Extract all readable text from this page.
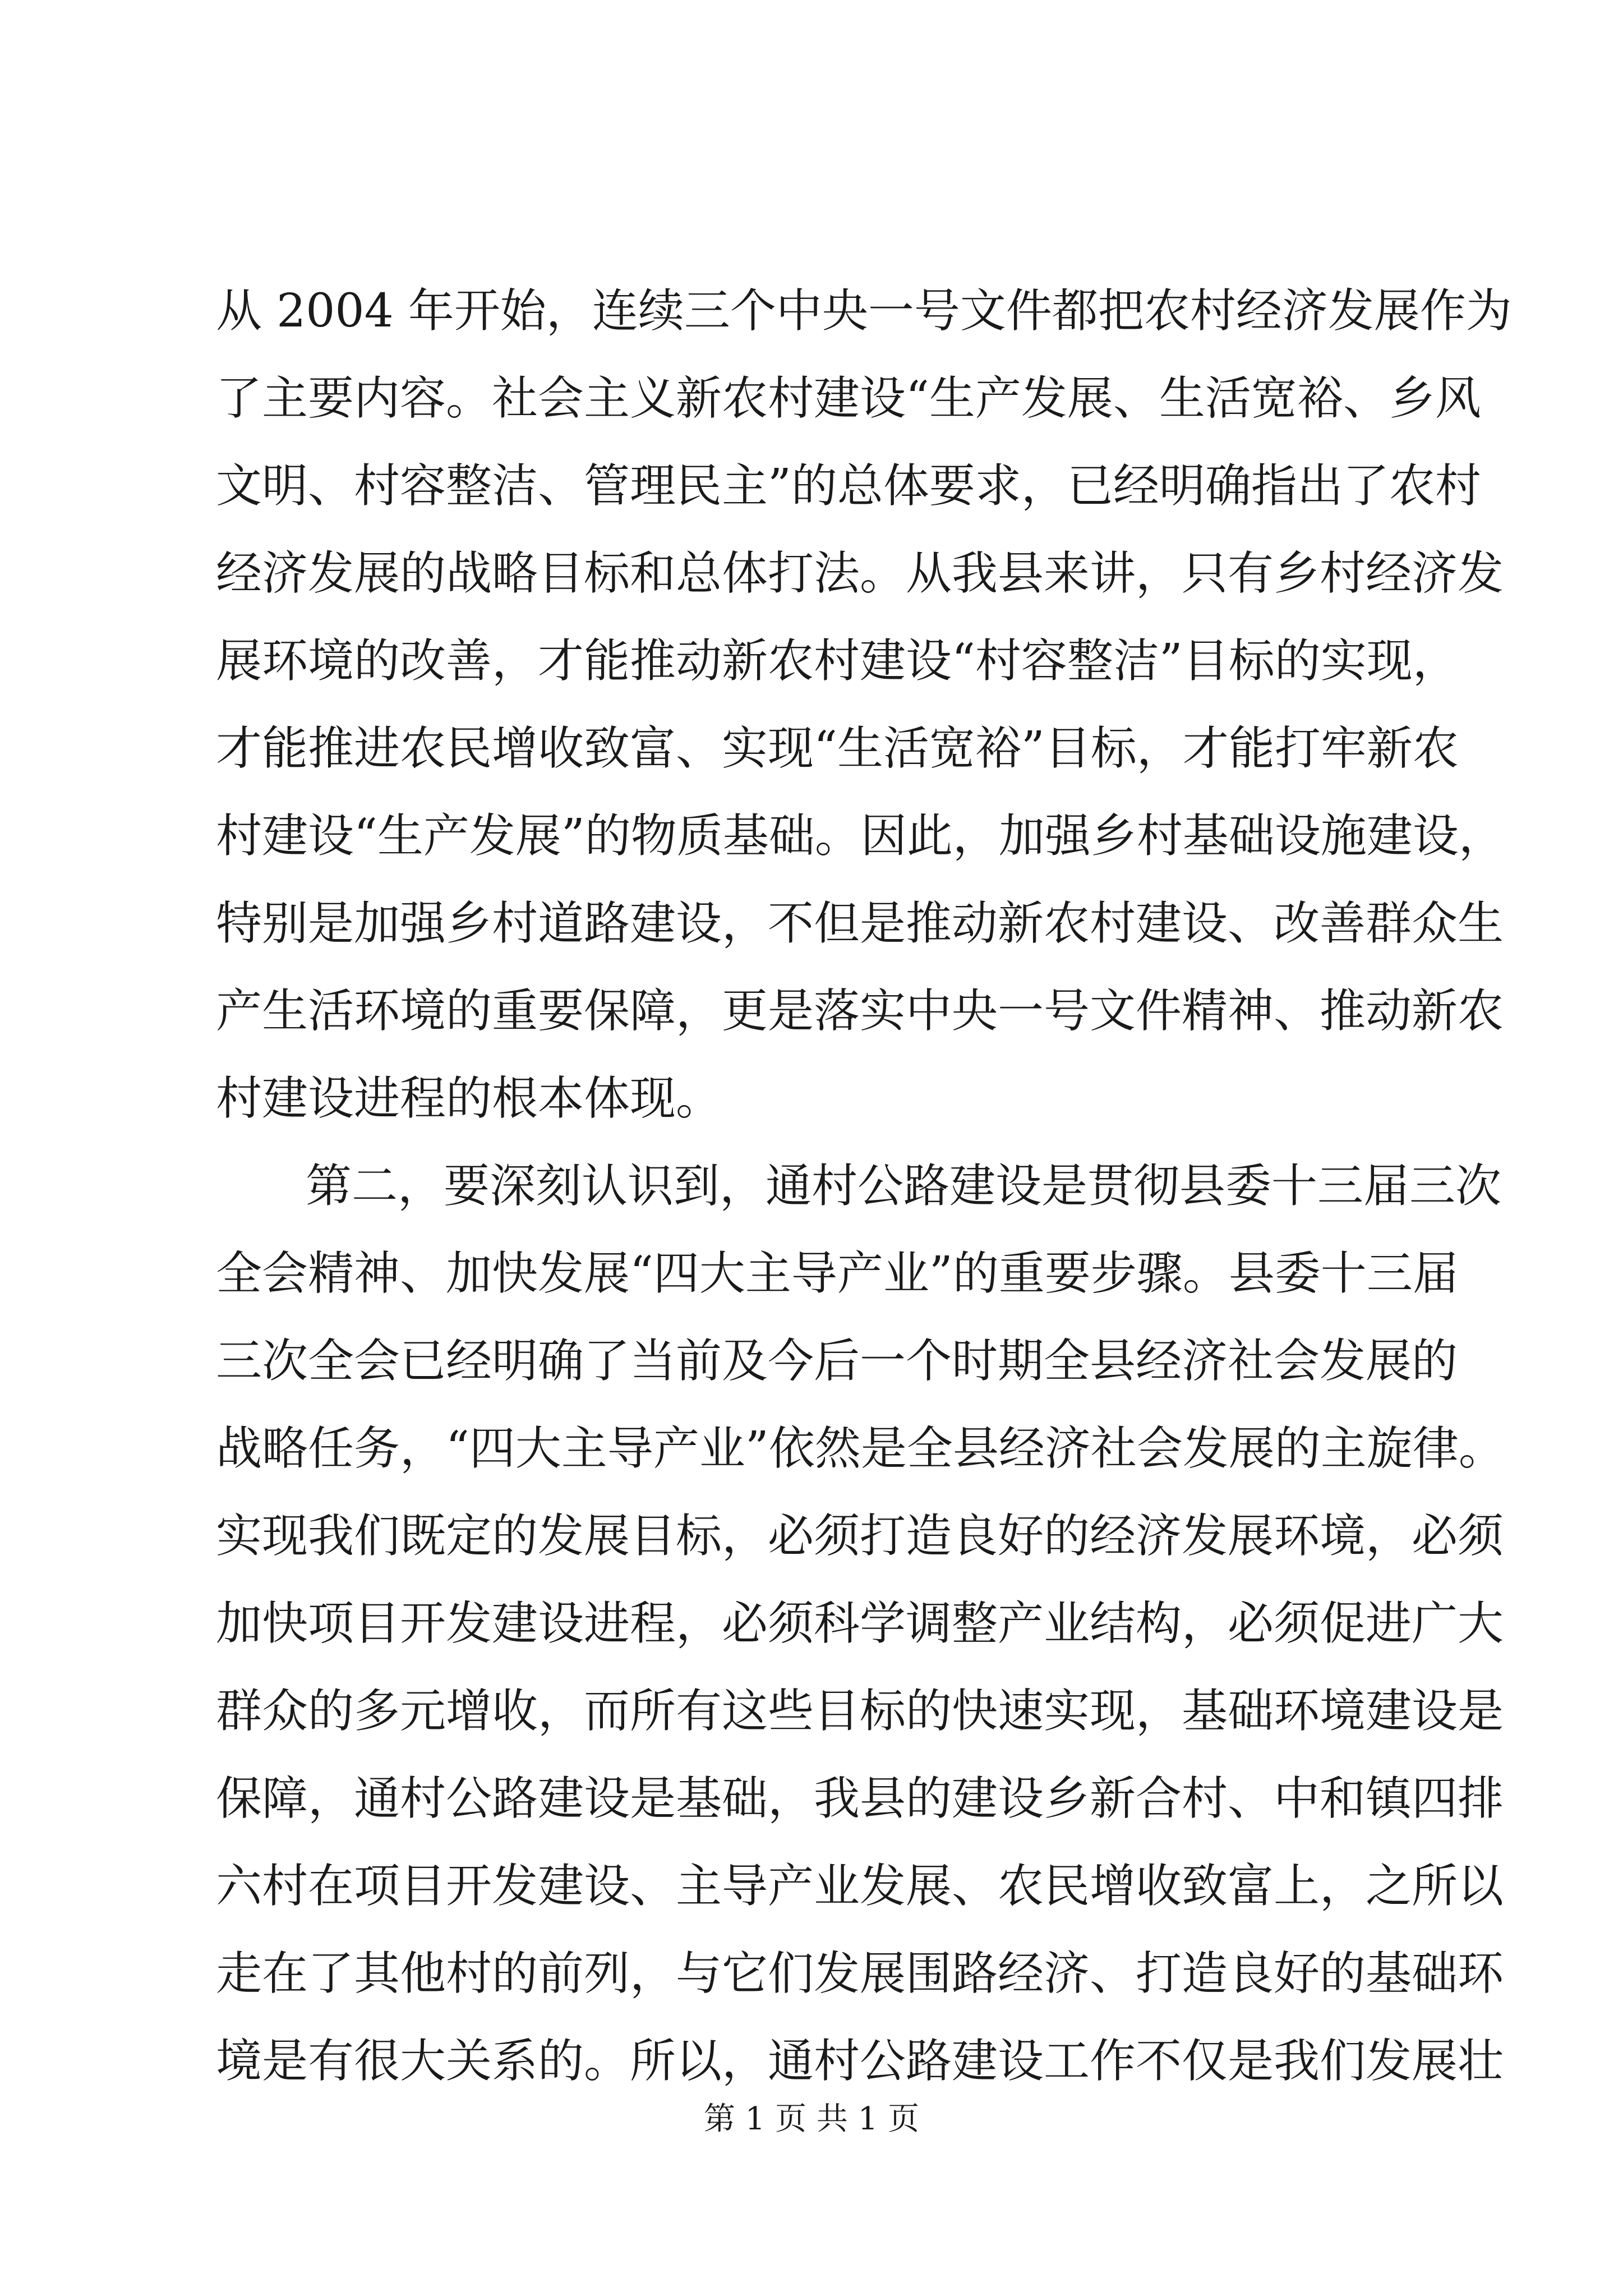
从 2004 年开始，连续三个中央一号文件都把农村经济发展作为

了主要内容。社会主义新农村建设“生产发展、生活宽裕、乡风

文明、村容整洁、管理民主”的总体要求，已经明确指出了农村

经济发展的战略目标和总体打法。从我县来讲，只有乡村经济发

展环境的改善，才能推动新农村建设“村容整洁”目标的实现，

才能推进农民增收致富、实现“生活宽裕”目标，才能打牢新农

村建设“生产发展”的物质基础。因此，加强乡村基础设施建设，

特别是加强乡村道路建设，不但是推动新农村建设、改善群众生

产生活环境的重要保障，更是落实中央一号文件精神、推动新农

村建设进程的根本体现。

第二，要深刻认识到，通村公路建设是贯彻县委十三届三次

全会精神、加快发展“四大主导产业”的重要步骤。县委十三届

三次全会已经明确了当前及今后一个时期全县经济社会发展的

战略任务，“四大主导产业”依然是全县经济社会发展的主旋律。

实现我们既定的发展目标，必须打造良好的经济发展环境，必须

加快项目开发建设进程，必须科学调整产业结构，必须促进广大

群众的多元增收，而所有这些目标的快速实现，基础环境建设是

保障，通村公路建设是基础，我县的建设乡新合村、中和镇四排

六村在项目开发建设、主导产业发展、农民增收致富上，之所以

走在了其他村的前列，与它们发展围路经济、打造良好的基础环

境是有很大关系的。所以，通村公路建设工作不仅是我们发展壮

第 1 页 共 1 页
